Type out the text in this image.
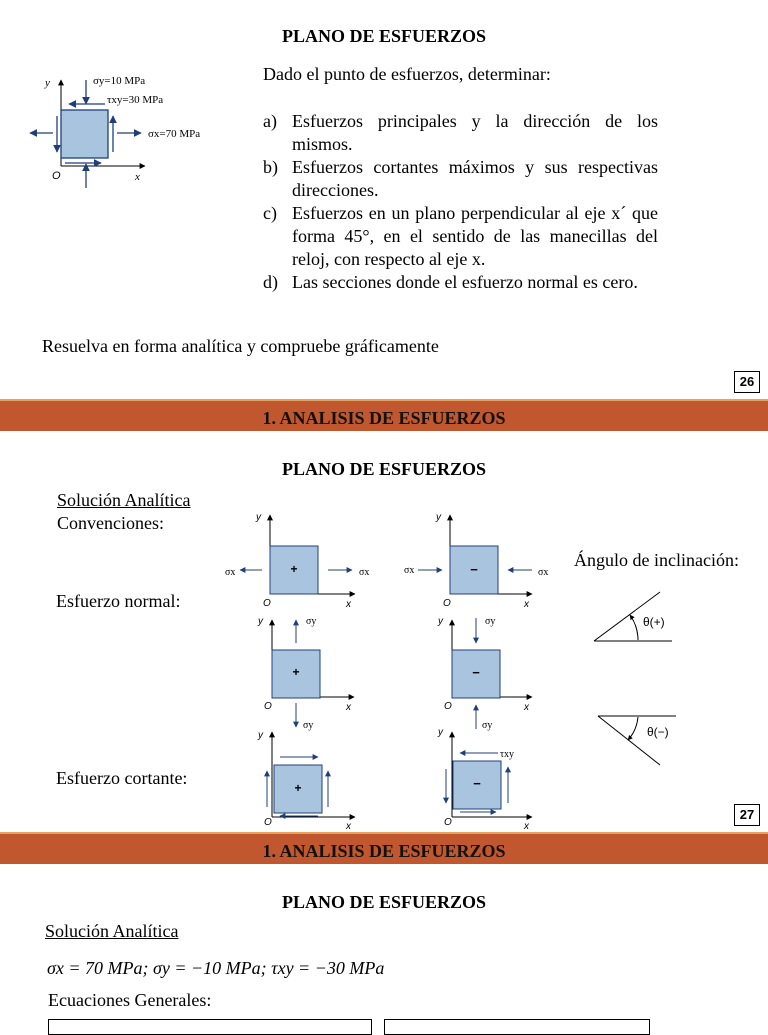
PLANO DE ESFUERZOS
y
x
O
σy=10 MPa
τxy=30 MPa
σx=70 MPa
Dado el punto de esfuerzos, determinar:
a) Esfuerzos principales y la dirección de los mismos.
b) Esfuerzos cortantes máximos y sus respectivas direcciones.
c) Esfuerzos en un plano perpendicular al eje x´ que forma 45°, en el sentido de las manecillas del reloj, con respecto al eje x.
d) Las secciones donde el esfuerzo normal es cero.
Resuelva en forma analítica y compruebe gráficamente
26
1. ANALISIS DE ESFUERZOS
PLANO DE ESFUERZOS
Solución Analítica
Convenciones:
Esfuerzo normal:
Esfuerzo cortante:
Ángulo de inclinación:
+
y
x
O
σx	σx	−
y
x
O
σx	σx
+
y
x
O
σy
σy
−
y
x
O
σy
σy
+
y
x
O
−
y
x
O
τxy
θ(+)
θ(−)
27
1. ANALISIS DE ESFUERZOS
PLANO DE ESFUERZOS
Solución Analítica
σx = 70 MPa; σy = −10 MPa; τxy = −30 MPa
Ecuaciones Generales:
